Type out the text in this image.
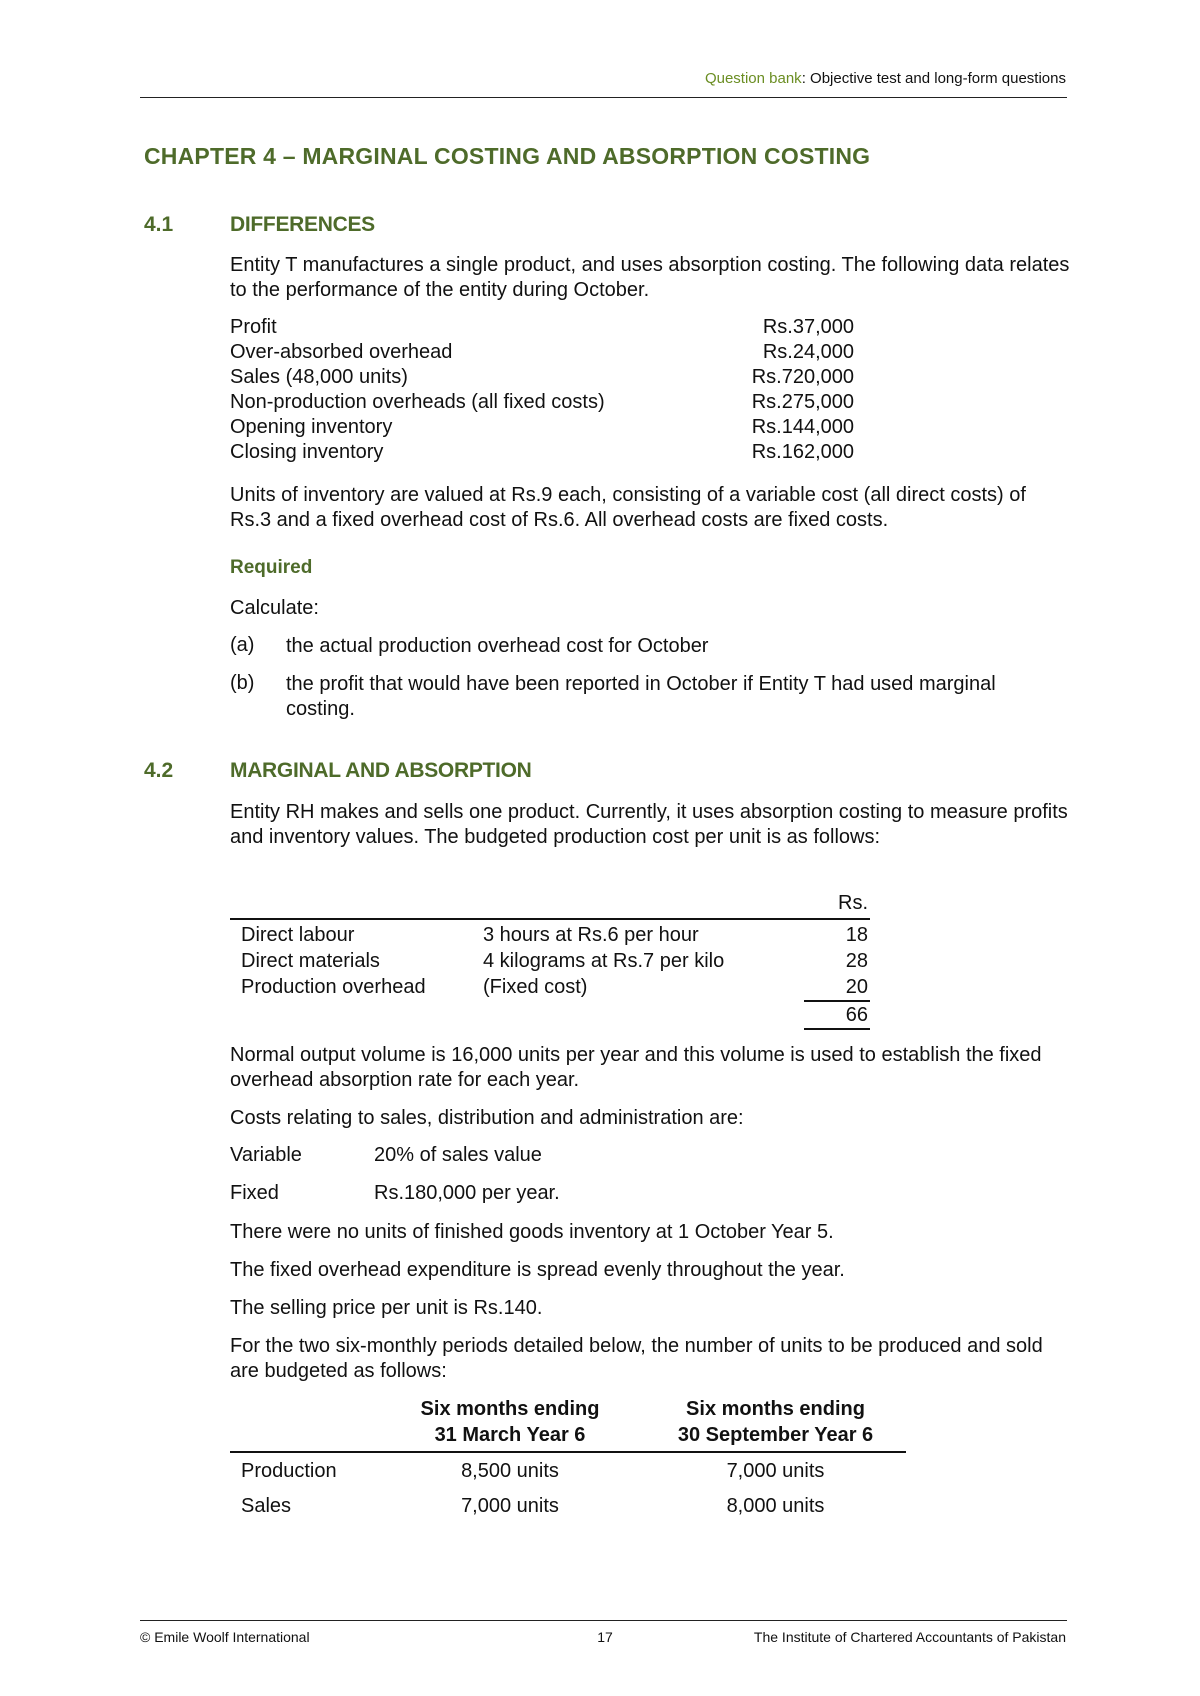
Question bank: Objective test and long-form questions
CHAPTER 4 – MARGINAL COSTING AND ABSORPTION COSTING
4.1	DIFFERENCES
Entity T manufactures a single product, and uses absorption costing. The following data relates to the performance of the entity during October.
Profit	Rs.37,000
Over-absorbed overhead	Rs.24,000
Sales (48,000 units)	Rs.720,000
Non-production overheads (all fixed costs)	Rs.275,000
Opening inventory	Rs.144,000
Closing inventory	Rs.162,000
Units of inventory are valued at Rs.9 each, consisting of a variable cost (all direct costs) of Rs.3 and a fixed overhead cost of Rs.6. All overhead costs are fixed costs.
Required
Calculate:
(a) the actual production overhead cost for October
(b) the profit that would have been reported in October if Entity T had used marginal costing.
4.2	MARGINAL AND ABSORPTION
Entity RH makes and sells one product. Currently, it uses absorption costing to measure profits and inventory values. The budgeted production cost per unit is as follows:
Rs.
Direct labour	3 hours at Rs.6 per hour	18
Direct materials	4 kilograms at Rs.7 per kilo	28
Production overhead	(Fixed cost)	20
66
Normal output volume is 16,000 units per year and this volume is used to establish the fixed overhead absorption rate for each year.
Costs relating to sales, distribution and administration are:
Variable	20% of sales value
Fixed	Rs.180,000 per year.
There were no units of finished goods inventory at 1 October Year 5.
The fixed overhead expenditure is spread evenly throughout the year.
The selling price per unit is Rs.140.
For the two six-monthly periods detailed below, the number of units to be produced and sold are budgeted as follows:
Six months ending
31 March Year 6
Six months ending
30 September Year 6
Production	8,500 units	7,000 units
Sales	7,000 units	8,000 units
© Emile Woolf International	17	The Institute of Chartered Accountants of Pakistan
